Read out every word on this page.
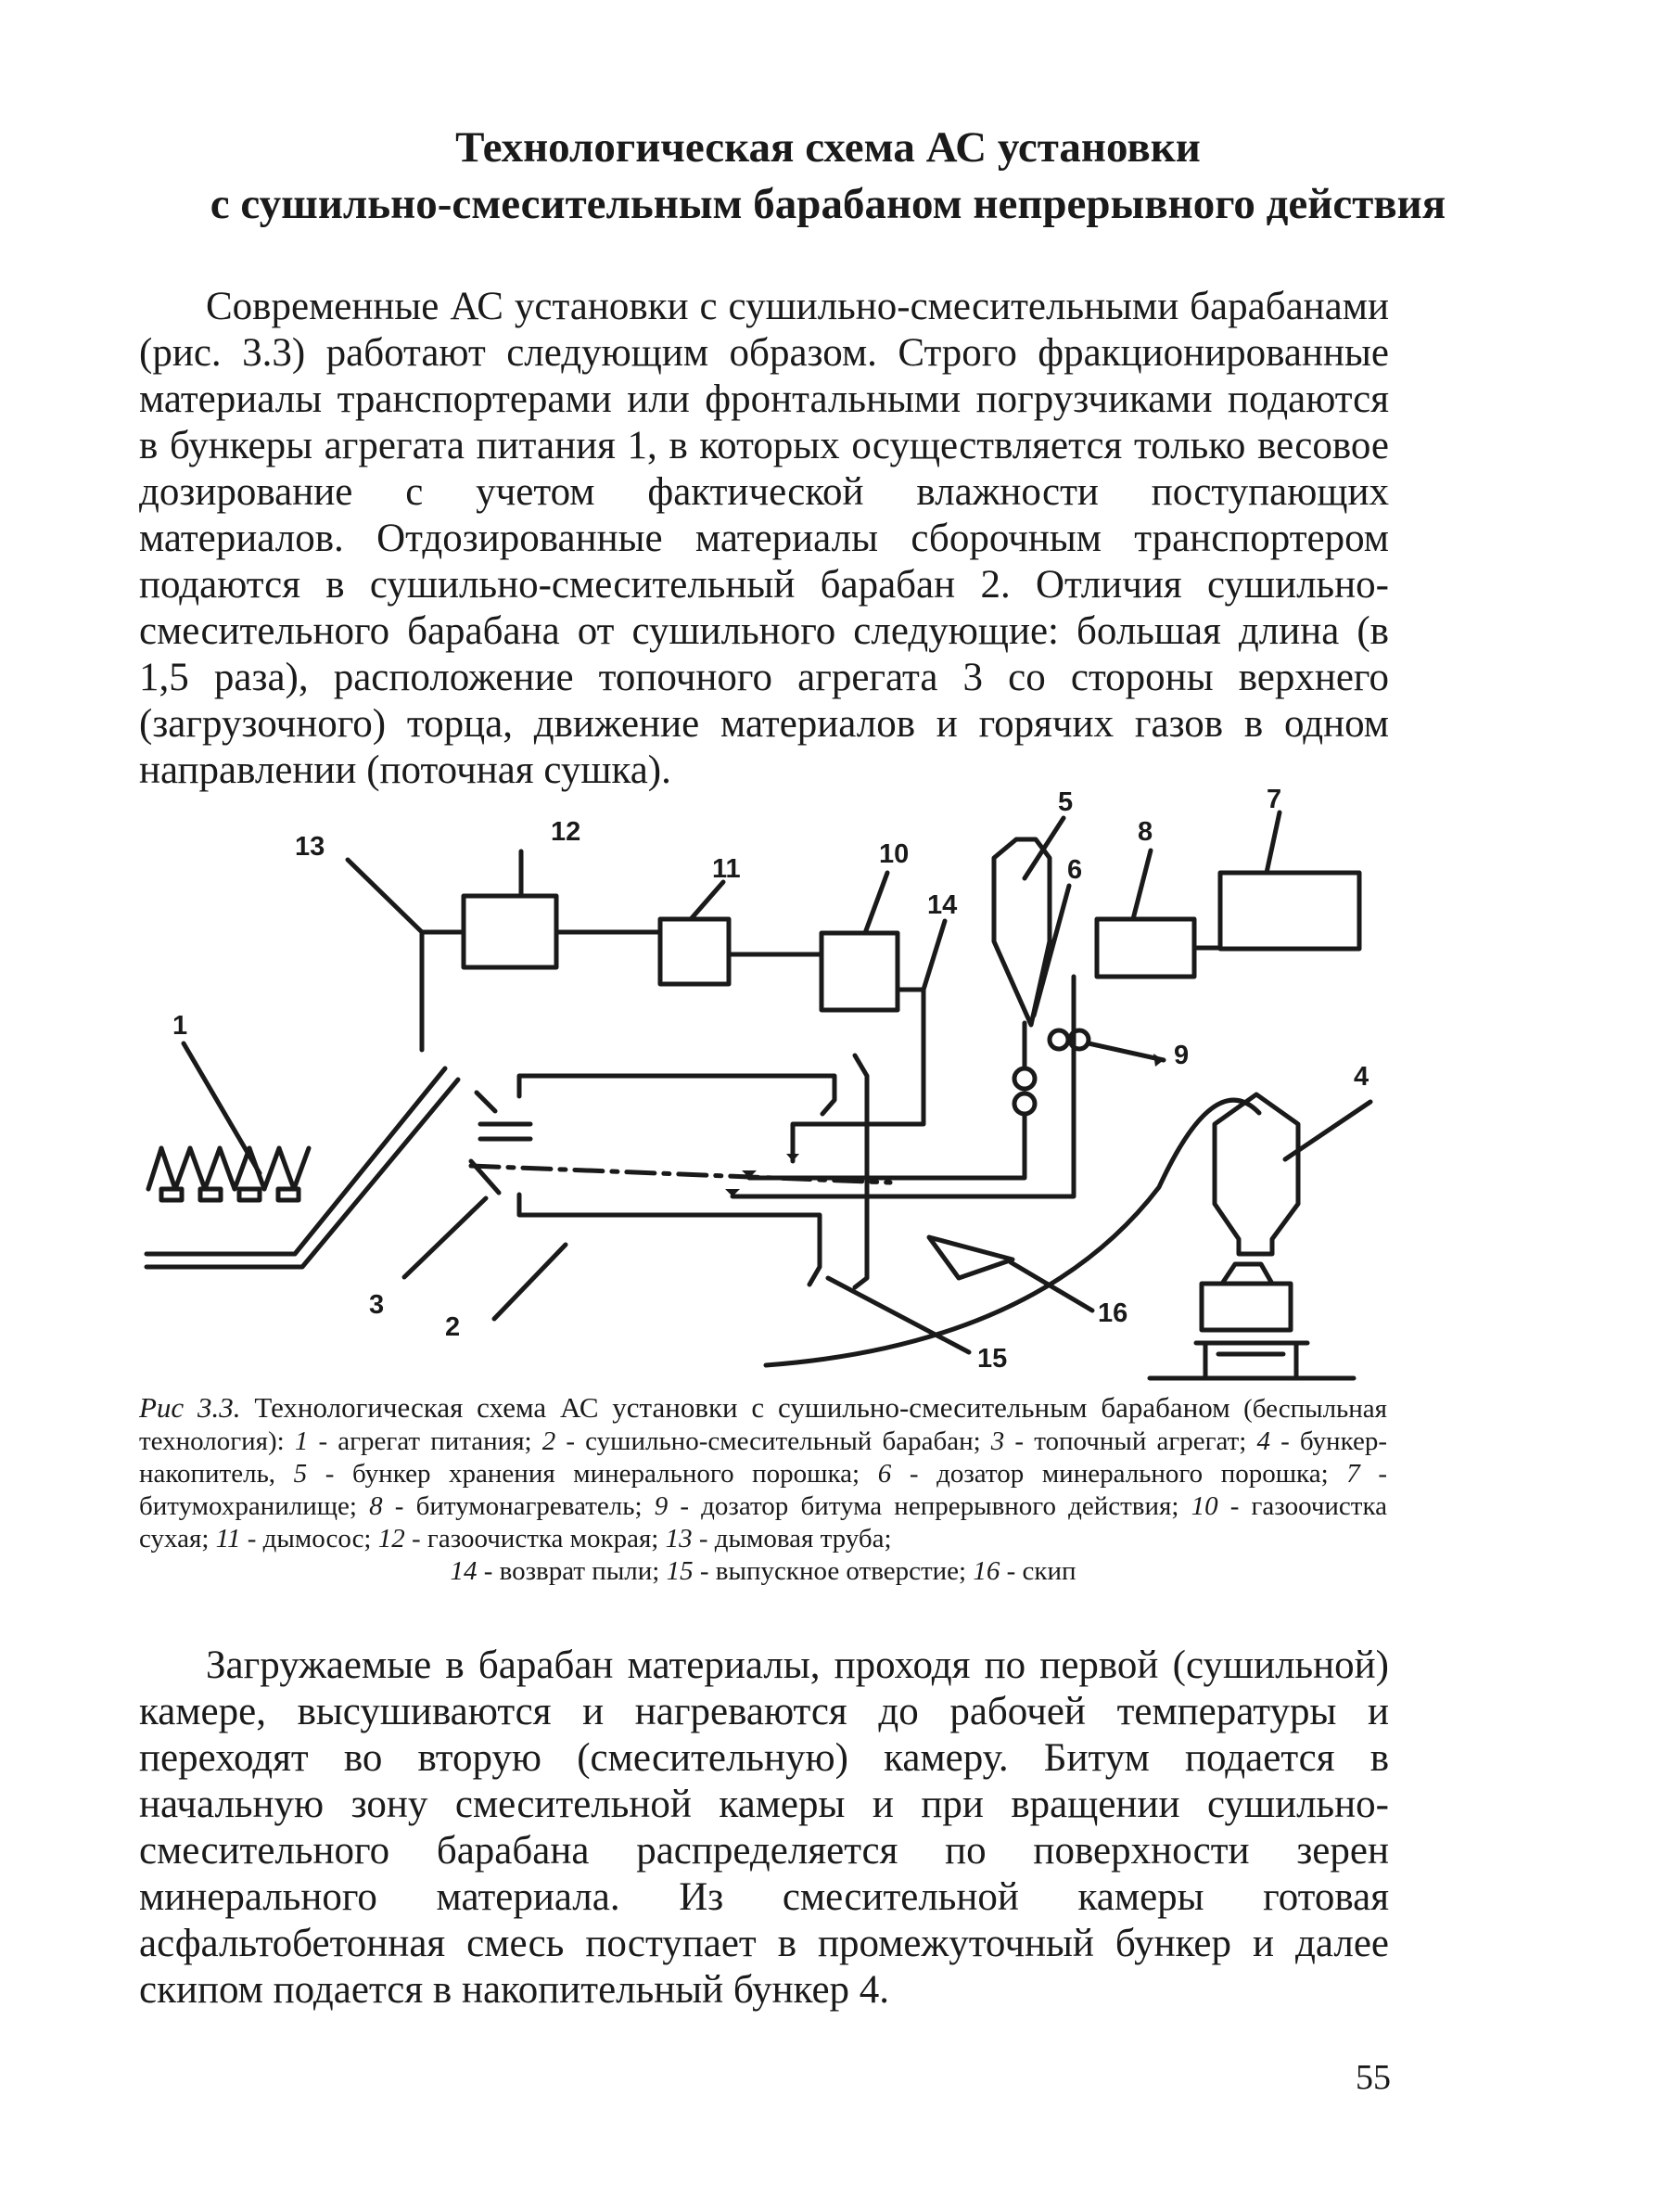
Технологическая схема АС установки
с сушильно-смесительным барабаном непрерывного действия

Современные АС установки с сушильно-смесительными барабанами (рис. 3.3) работают следующим образом. Строго фракционированные материалы транспортерами или фронтальными погрузчиками подаются в бункеры агрегата питания 1, в которых осуществляется только весовое дозирование с учетом фактической влажности поступающих материалов. Отдозированные материалы сборочным транспортером подаются в сушильно-смесительный барабан 2. Отличия сушильно-смесительного барабана от сушильного следующие: большая длина (в 1,5 раза), расположение топочного агрегата 3 со стороны верхнего (загрузочного) торца, движение материалов и горячих газов в одном направлении (поточная сушка).

1
2
3
4
5
6
7
8
9
10
11
12
13
14
15
16

Рис 3.3. Технологическая схема АС установки с сушильно-смесительным барабаном (беспыльная технология): 1 - агрегат питания; 2 - сушильно-смесительный барабан; 3 - топочный агрегат; 4 - бункер-накопитель, 5 - бункер хранения минерального порошка; 6 - дозатор минерального порошка; 7 - битумохранилище; 8 - битумонагреватель; 9 - дозатор битума непрерывного действия; 10 - газоочистка сухая; 11 - дымосос; 12 - газоочистка мокрая; 13 - дымовая труба;
14 - возврат пыли; 15 - выпускное отверстие; 16 - скип

Загружаемые в барабан материалы, проходя по первой (сушильной) камере, высушиваются и нагреваются до рабочей температуры и переходят во вторую (смесительную) камеру. Битум подается в начальную зону смесительной камеры и при вращении сушильно-смесительного барабана распределяется по поверхности зерен минерального материала. Из смесительной камеры готовая асфальтобетонная смесь поступает в промежуточный бункер и далее скипом подается в накопительный бункер 4.

55
